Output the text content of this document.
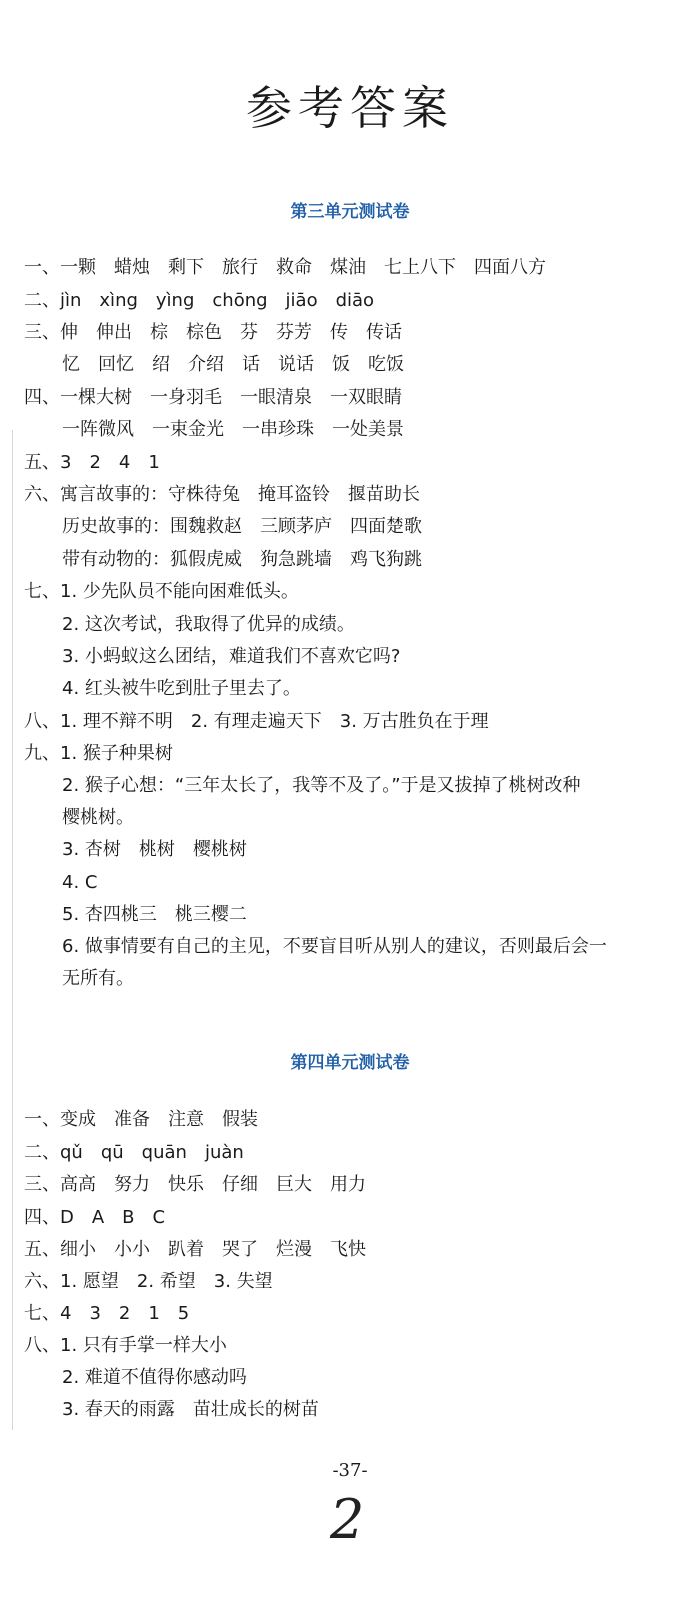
参考答案
第三单元测试卷
一、一颗　蜡烛　剩下　旅行　救命　煤油　七上八下　四面八方
二、jìn　xìng　yìng　chōng　jiāo　diāo
三、伸　伸出　棕　棕色　芬　芬芳　传　传话
忆　回忆　绍　介绍　话　说话　饭　吃饭
四、一棵大树　一身羽毛　一眼清泉　一双眼睛
一阵微风　一束金光　一串珍珠　一处美景
五、3　2　4　1
六、寓言故事的：守株待兔　掩耳盗铃　揠苗助长
历史故事的：围魏救赵　三顾茅庐　四面楚歌
带有动物的：狐假虎威　狗急跳墙　鸡飞狗跳
七、1. 少先队员不能向困难低头。
2. 这次考试，我取得了优异的成绩。
3. 小蚂蚁这么团结，难道我们不喜欢它吗?
4. 红头被牛吃到肚子里去了。
八、1. 理不辩不明　2. 有理走遍天下　3. 万古胜负在于理
九、1. 猴子种果树
2. 猴子心想：“三年太长了，我等不及了。”于是又拔掉了桃树改种
樱桃树。
3. 杏树　桃树　樱桃树
4. C
5. 杏四桃三　桃三樱二
6. 做事情要有自己的主见，不要盲目听从别人的建议，否则最后会一
无所有。
第四单元测试卷
一、变成　准备　注意　假装
二、qǔ　qū　quān　juàn
三、高高　努力　快乐　仔细　巨大　用力
四、D　A　B　C
五、细小　小小　趴着　哭了　烂漫　飞快
六、1. 愿望　2. 希望　3. 失望
七、4　3　2　1　5
八、1. 只有手掌一样大小
2. 难道不值得你感动吗
3. 春天的雨露　苗壮成长的树苗
-37-
2
